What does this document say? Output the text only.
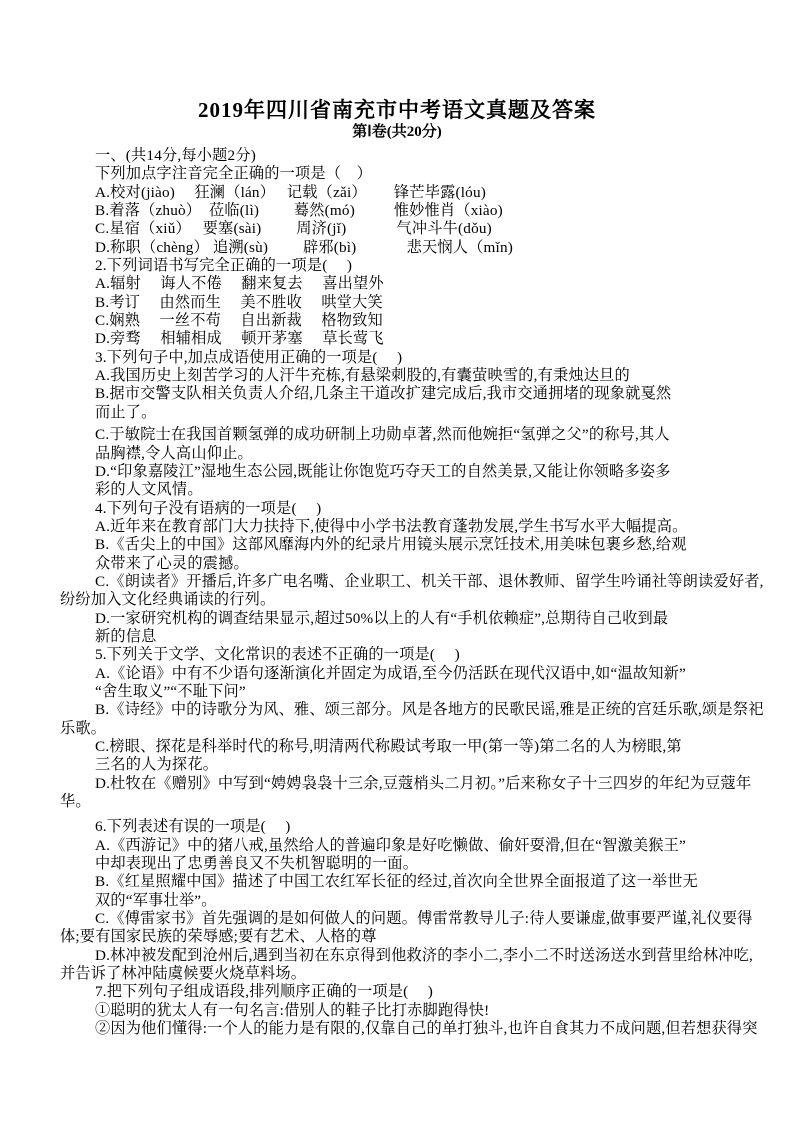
2019年四川省南充市中考语文真题及答案
第Ⅰ卷(共20分)
一、(共14分,每小题2分)
下列加点字注音完全正确的一项是（　）
A.校对(jiào)　 狂澜（lán）　 记载（zǎi）　　 锋芒毕露(lóu)
B.着落（zhuò）　莅临(lì)　　 蓦然(mó)　　  惟妙惟肖（xiào)
C.星宿（xiǔ）　 要塞(sài)　　 周济(jǐ)　　　 气冲斗牛(dǒu)
D.称职（chèng） 追溯(sù)　　 辟邪(bì)　　　 悲天悯人（mǐn)
2.下列词语书写完全正确的一项是(　 )
A.辐射　 诲人不倦　 翻来复去　 喜出望外
B.考订　 由然而生　 美不胜收　 哄堂大笑
C.娴熟　 一丝不苟　 自出新裁　 格物致知
D.旁骛　 相辅相成　 顿开茅塞　 草长莺飞
3.下列句子中,加点成语使用正确的一项是(　 )
A.我国历史上刻苦学习的人汗牛充栋,有悬梁刺股的,有囊萤映雪的,有秉烛达旦的
B.据市交警支队相关负责人介绍,几条主干道改扩建完成后,我市交通拥堵的现象就戛然
而止了。
C.于敏院士在我国首颗氢弹的成功研制上功勋卓著,然而他婉拒“氢弹之父”的称号,其人
品胸襟,令人高山仰止。
D.“印象嘉陵江”湿地生态公园,既能让你饱览巧夺天工的自然美景,又能让你领略多姿多
彩的人文风情。
4.下列句子没有语病的一项是(　 )
A.近年来在教育部门大力扶持下,使得中小学书法教育蓬勃发展,学生书写水平大幅提高。
B.《舌尖上的中国》这部风靡海内外的纪录片用镜头展示烹饪技术,用美味包裹乡愁,给观
众带来了心灵的震撼。
C.《朗读者》开播后,许多广电名嘴、企业职工、机关干部、退休教师、留学生吟诵社等朗读爱好者,
纷纷加入文化经典诵读的行列。
D.一家研究机构的调查结果显示,超过50%以上的人有“手机依赖症”,总期待自己收到最
新的信息
5.下列关于文学、文化常识的表述不正确的一项是(　 )
A.《论语》中有不少语句逐渐演化并固定为成语,至今仍活跃在现代汉语中,如“温故知新”
“舍生取义”“不耻下问”
B.《诗经》中的诗歌分为风、雅、颂三部分。风是各地方的民歌民谣,雅是正统的宫廷乐歌,颂是祭祀
乐歌。
C.榜眼、探花是科举时代的称号,明清两代称殿试考取一甲(第一等)第二名的人为榜眼,第
三名的人为探花。
D.杜牧在《赠别》中写到“娉娉袅袅十三余,豆蔻梢头二月初。”后来称女子十三四岁的年纪为豆蔻年
华。
6.下列表述有误的一项是(　 )
A.《西游记》中的猪八戒,虽然给人的普遍印象是好吃懒做、偷奸耍滑,但在“智激美猴王”
中却表现出了忠勇善良又不失机智聪明的一面。
B.《红星照耀中国》描述了中国工农红军长征的经过,首次向全世界全面报道了这一举世无
双的“军事壮举”。
C.《傅雷家书》首先强调的是如何做人的问题。傅雷常教导儿子:待人要谦虚,做事要严谨,礼仪要得
体;要有国家民族的荣辱感;要有艺术、人格的尊
D.林冲被发配到沧州后,遇到当初在东京得到他救济的李小二,李小二不时送汤送水到营里给林冲吃,
并告诉了林冲陆虞候要火烧草料场。
7.把下列句子组成语段,排列顺序正确的一项是(　 )
①聪明的犹太人有一句名言:借别人的鞋子比打赤脚跑得快!
②因为他们懂得:一个人的能力是有限的,仅靠自己的单打独斗,也许自食其力不成问题,但若想获得突
